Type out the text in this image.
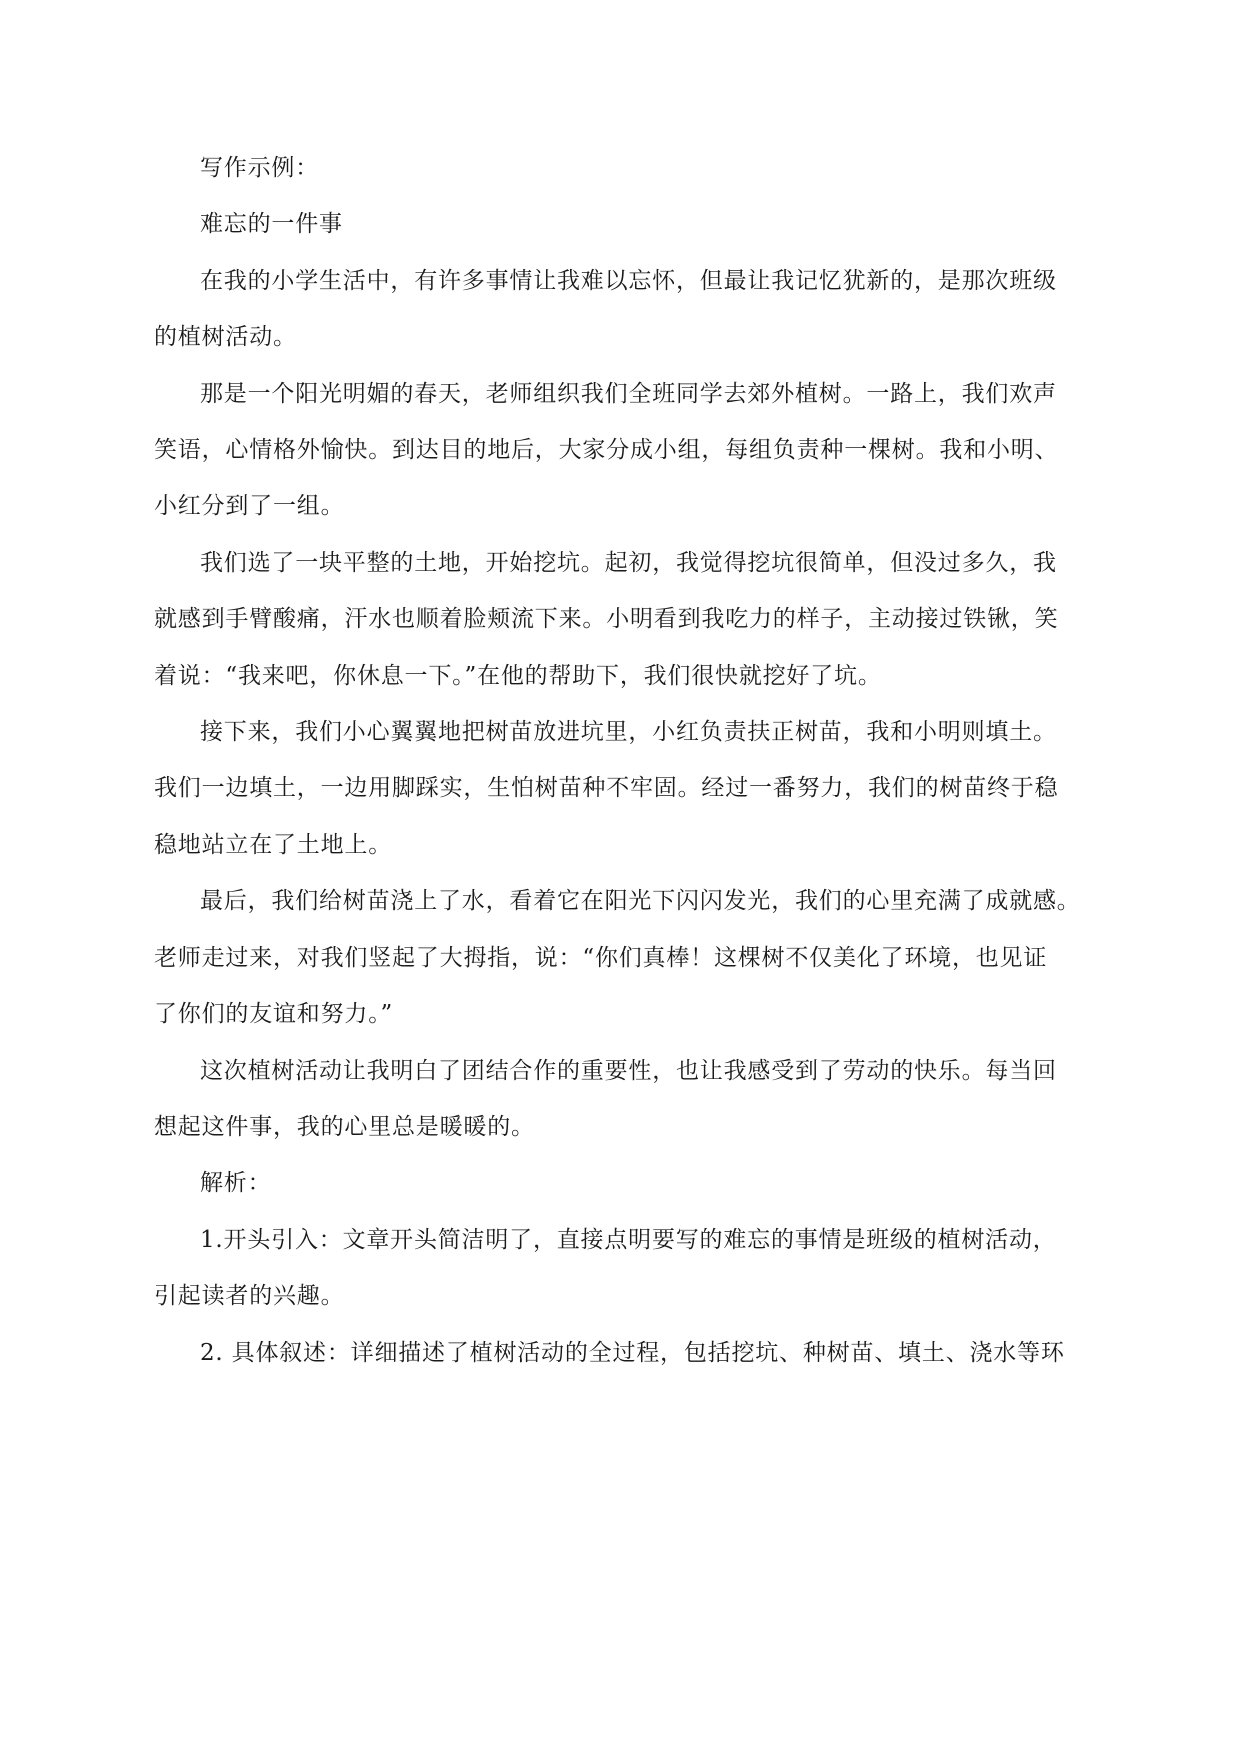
写作示例：

难忘的一件事

在我的小学生活中，有许多事情让我难以忘怀，但最让我记忆犹新的，是那次班级
的植树活动。

那是一个阳光明媚的春天，老师组织我们全班同学去郊外植树。一路上，我们欢声
笑语，心情格外愉快。到达目的地后，大家分成小组，每组负责种一棵树。我和小明、
小红分到了一组。

我们选了一块平整的土地，开始挖坑。起初，我觉得挖坑很简单，但没过多久，我
就感到手臂酸痛，汗水也顺着脸颊流下来。小明看到我吃力的样子，主动接过铁锹，笑
着说：“我来吧，你休息一下。”在他的帮助下，我们很快就挖好了坑。

接下来，我们小心翼翼地把树苗放进坑里，小红负责扶正树苗，我和小明则填土。
我们一边填土，一边用脚踩实，生怕树苗种不牢固。经过一番努力，我们的树苗终于稳
稳地站立在了土地上。

最后，我们给树苗浇上了水，看着它在阳光下闪闪发光，我们的心里充满了成就感。
老师走过来，对我们竖起了大拇指，说：“你们真棒！这棵树不仅美化了环境，也见证
了你们的友谊和努力。”

这次植树活动让我明白了团结合作的重要性，也让我感受到了劳动的快乐。每当回
想起这件事，我的心里总是暖暖的。

解析：

1.开头引入：文章开头简洁明了，直接点明要写的难忘的事情是班级的植树活动，
引起读者的兴趣。

2. 具体叙述：详细描述了植树活动的全过程，包括挖坑、种树苗、填土、浇水等环
